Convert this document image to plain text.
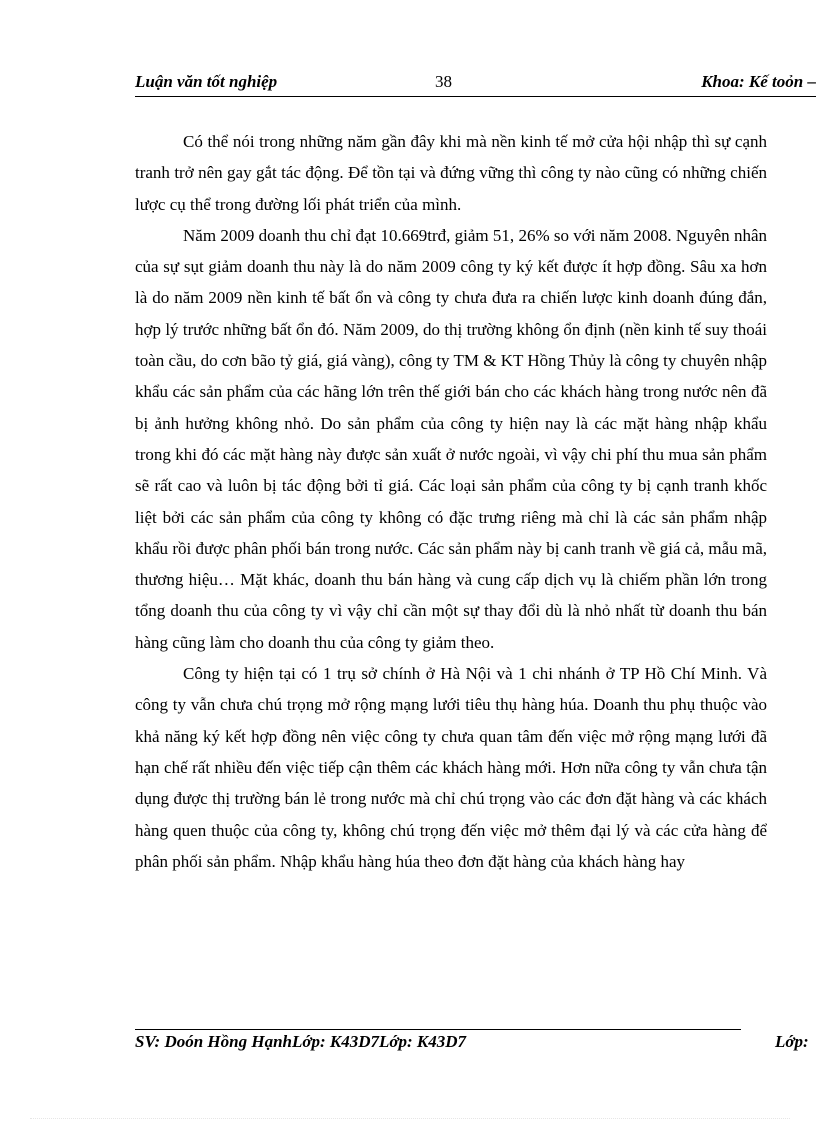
Luận văn tốt nghiệp	38	Khoa: Kế toỏn –

Có thể nói trong những năm gần đây khi mà nền kinh tế mở cửa hội nhập thì sự cạnh tranh trở nên gay gắt tác động. Để tồn tại và đứng vững thì công ty nào cũng có những chiến lược cụ thể trong đường lối phát triển của mình.

Năm 2009 doanh thu chỉ đạt 10.669trđ, giảm 51, 26% so với năm 2008. Nguyên nhân của sự sụt giảm doanh thu này là do năm 2009 công ty ký kết được ít hợp đồng. Sâu xa hơn là do năm 2009 nền kinh tế bất ổn và công ty chưa đưa ra chiến lược kinh doanh đúng đắn, hợp lý trước những bất ổn đó. Năm 2009, do thị trường không ổn định (nền kinh tế suy thoái toàn cầu, do cơn bão tỷ giá, giá vàng), công ty TM & KT Hồng Thủy là công ty chuyên nhập khẩu các sản phẩm của các hãng lớn trên thế giới bán cho các khách hàng trong nước nên đã bị ảnh hưởng không nhỏ. Do sản phẩm của công ty hiện nay là các mặt hàng nhập khẩu trong khi đó các mặt hàng này được sản xuất ở nước ngoài, vì vậy chi phí thu mua sản phẩm sẽ rất cao và luôn bị tác động bởi tỉ giá. Các loại sản phẩm của công ty bị cạnh tranh khốc liệt bởi các sản phẩm của công ty không có đặc trưng riêng mà chỉ là các sản phẩm nhập khẩu rồi được phân phối bán trong nước. Các sản phẩm này bị canh tranh về giá cả, mẫu mã, thương hiệu… Mặt khác, doanh thu bán hàng và cung cấp dịch vụ là chiếm phần lớn trong tổng doanh thu của công ty vì vậy chỉ cần một sự thay đổi dù là nhỏ nhất từ doanh thu bán hàng cũng làm cho doanh thu của công ty giảm theo.

Công ty hiện tại có 1 trụ sở chính ở Hà Nội và 1 chi nhánh ở TP Hồ Chí Minh. Và công ty vẫn chưa chú trọng mở rộng mạng lưới tiêu thụ hàng húa. Doanh thu phụ thuộc vào khả năng ký kết hợp đồng nên việc công ty chưa quan tâm đến việc mở rộng mạng lưới đã hạn chế rất nhiều đến việc tiếp cận thêm các khách hàng mới. Hơn nữa công ty vẫn chưa tận dụng được thị trường bán lẻ trong nước mà chỉ chú trọng vào các đơn đặt hàng và các khách hàng quen thuộc của công ty, không chú trọng đến việc mở thêm đại lý và các cửa hàng để phân phối sản phẩm. Nhập khẩu hàng húa theo đơn đặt hàng của khách hàng hay

SV: Doón Hồng HạnhLớp: K43D7Lớp: K43D7	Lớp:
